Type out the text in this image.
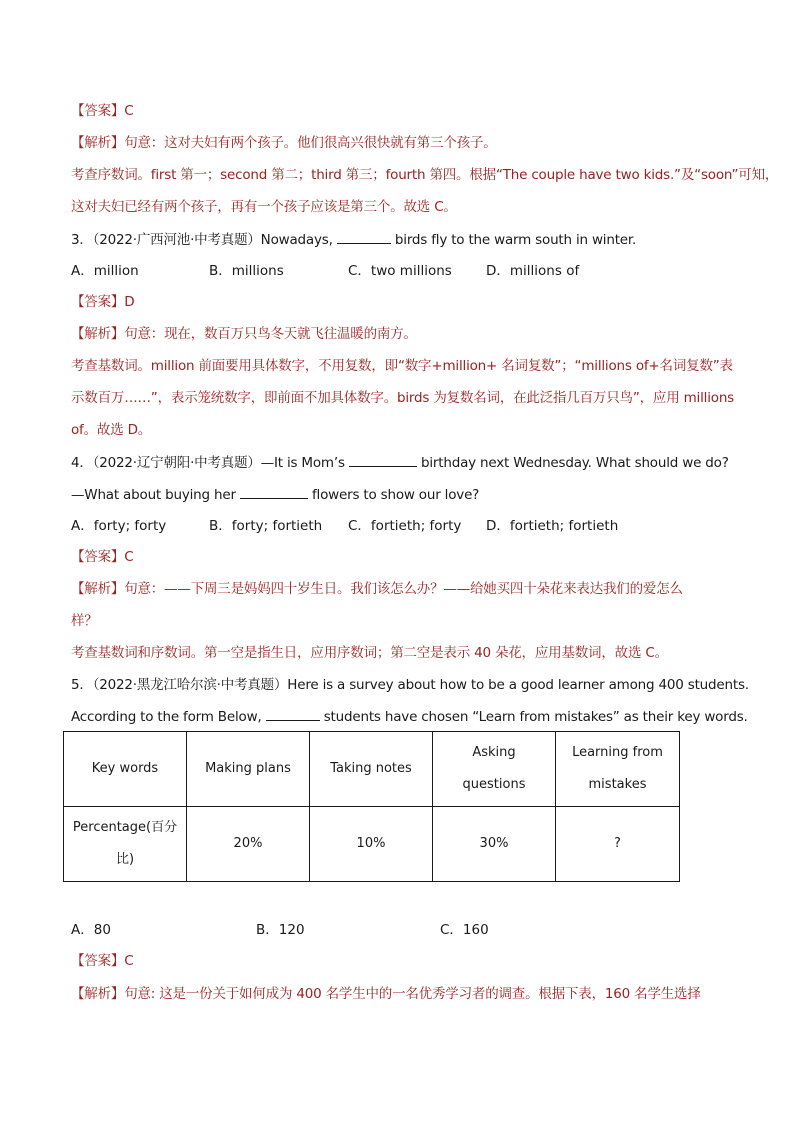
【答案】C
【解析】句意：这对夫妇有两个孩子。他们很高兴很快就有第三个孩子。
考查序数词。first 第一；second 第二；third 第三；fourth 第四。根据“The couple have two kids.”及“soon”可知，
这对夫妇已经有两个孩子，再有一个孩子应该是第三个。故选 C。
3．（2022·广西河池·中考真题）Nowadays,	birds fly to the warm south in winter.
A．million	B．millions	C．two millions	D．millions of
【答案】D
【解析】句意：现在，数百万只鸟冬天就飞往温暖的南方。
考查基数词。million 前面要用具体数字，不用复数，即“数字+million+ 名词复数”；“millions of+名词复数”表
示数百万……”，表示笼统数字，即前面不加具体数字。birds 为复数名词，在此泛指几百万只鸟”，应用 millions
of。故选 D。
4．（2022·辽宁朝阳·中考真题）—It is Mom’s	birthday next Wednesday. What should we do?
—What about buying her	flowers to show our love?
A．forty; forty	B．forty; fortieth C．fortieth; forty D．fortieth; fortieth
【答案】C
【解析】句意：——下周三是妈妈四十岁生日。我们该怎么办？——给她买四十朵花来表达我们的爱怎么
样？
考查基数词和序数词。第一空是指生日，应用序数词；第二空是表示 40 朵花，应用基数词，故选 C。
5．（2022·黑龙江哈尔滨·中考真题）Here is a survey about how to be a good learner among 400 students.
According to the form Below,	students have chosen “Learn from mistakes” as their key words.
Key words	Making plans	Taking notes	Asking questions	Learning from mistakes
Percentage(百分比)	20%	10%	30%	?
A．80	B．120	C．160
【答案】C
【解析】句意: 这是一份关于如何成为 400 名学生中的一名优秀学习者的调查。根据下表，160 名学生选择
